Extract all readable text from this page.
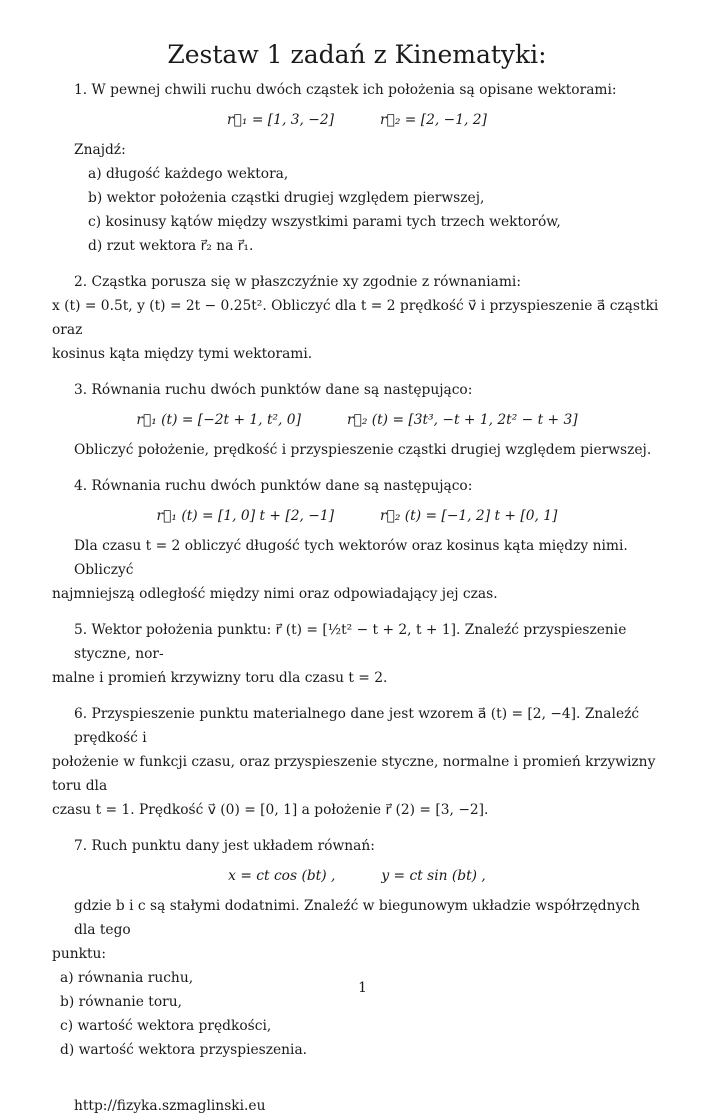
Zestaw 1 zadań z Kinematyki:

1. W pewnej chwili ruchu dwóch cząstek ich położenia są opisane wektorami:

r⃗₁ = [1, 3, −2]	r⃗₂ = [2, −1, 2]

Znajdź:

a) długość każdego wektora,

b) wektor położenia cząstki drugiej względem pierwszej,

c) kosinusy kątów między wszystkimi parami tych trzech wektorów,

d) rzut wektora r⃗₂ na r⃗₁.

2. Cząstka porusza się w płaszczyźnie xy zgodnie z równaniami:

x (t) = 0.5t, y (t) = 2t − 0.25t². Obliczyć dla t = 2 prędkość v⃗ i przyspieszenie a⃗ cząstki oraz

kosinus kąta między tymi wektorami.

3. Równania ruchu dwóch punktów dane są następująco:

r⃗₁ (t) = [−2t + 1, t², 0]	r⃗₂ (t) = [3t³, −t + 1, 2t² − t + 3]

Obliczyć położenie, prędkość i przyspieszenie cząstki drugiej względem pierwszej.

4. Równania ruchu dwóch punktów dane są następująco:

r⃗₁ (t) = [1, 0] t + [2, −1]	r⃗₂ (t) = [−1, 2] t + [0, 1]

Dla czasu t = 2 obliczyć długość tych wektorów oraz kosinus kąta między nimi. Obliczyć

najmniejszą odległość między nimi oraz odpowiadający jej czas.

5. Wektor położenia punktu: r⃗ (t) = [½t² − t + 2, t + 1]. Znaleźć przyspieszenie styczne, nor-

malne i promień krzywizny toru dla czasu t = 2.

6. Przyspieszenie punktu materialnego dane jest wzorem a⃗ (t) = [2, −4]. Znaleźć prędkość i

położenie w funkcji czasu, oraz przyspieszenie styczne, normalne i promień krzywizny toru dla

czasu t = 1. Prędkość v⃗ (0) = [0, 1] a położenie r⃗ (2) = [3, −2].

7. Ruch punktu dany jest układem równań:

x = ct cos (bt) ,	y = ct sin (bt) ,

gdzie b i c są stałymi dodatnimi. Znaleźć w biegunowym układzie współrzędnych dla tego

punktu:

a) równania ruchu,

b) równanie toru,

c) wartość wektora prędkości,

d) wartość wektora przyspieszenia.

http://fizyka.szmaglinski.eu

1
